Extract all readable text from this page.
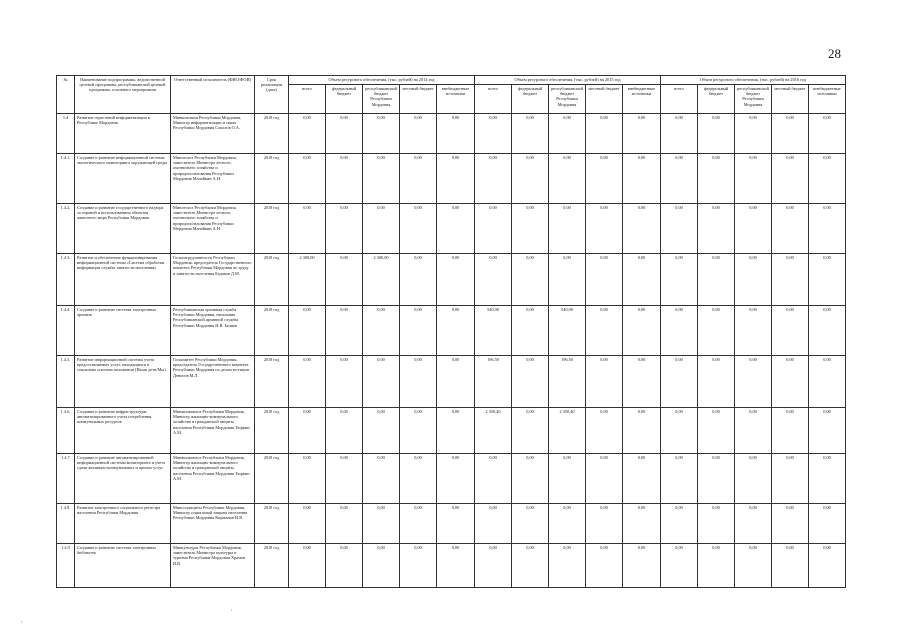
28
·
·
№	Наименование подпрограммы, ведомственной целевой программы, республиканской целевой программы, основного мероприятия	Ответственный исполнитель (ФИО/ФОИ)	Срок реализации (дата)	Объем ресурсного обеспечения, (тыс. рублей) на 2014 год					Объем ресурсного обеспечения, (тыс. рублей) на 2015 год					Объем ресурсного обеспечения, (тыс. рублей) на 2016 год				
				всего	федеральный бюджет	республиканский бюджет Республики Мордовия	местный бюджет	внебюджетные источники	всего	федеральный бюджет	республиканский бюджет Республики Мордовия	местный бюджет	внебюджетные источники	всего	федеральный бюджет	республиканский бюджет Республики Мордовия	местный бюджет	внебюджетные источники
1.4	Развитие отраслевой информатизации в Республике Мордовия	Минкомсвязи Республики Мордовия, Министр информатизации и связи Республики Мордовия Соколов О.А.	2018 год	0,00	0,00	0,00	0,00	0,00	0,00	0,00	0,00	0,00	0,00	0,00	0,00	0,00	0,00	0,00
1.4.1.	Создание и развитие информационной системы экологического мониторинга окружающей среды	Минлесхоз Республики Мордовия, заместитель Министра лесного, охотничьего хозяйства и природопользования Республики Мордовия Манейкин А.Н.	2018 год	0,00	0,00	0,00	0,00	0,00	0,00	0,00	0,00	0,00	0,00	0,00	0,00	0,00	0,00	0,00
1.4.2.	Создание и развитие государственного надзора за охраной и использованием объектов животного мира Республики Мордовия	Минлесхоз Республики Мордовия, заместитель Министра лесного, охотничьего хозяйства и природопользования Республики Мордовия Манейкин А.Н.	2018 год	0,00	0,00	0,00	0,00	0,00	0,00	0,00	0,00	0,00	0,00	0,00	0,00	0,00	0,00	0,00
1.4.3.	Развитие и обеспечение функционирования информационной системы «Система обработки информации службы занятости населения»	Госкомтрудзанятости Республики Мордовия, председатель Государственного комитета Республики Мордовия по труду и занятости населения Бодаков Д.М.	2018 год	2 300,00	0,00	2 300,00	0,00	0,00	0,00	0,00	0,00	0,00	0,00	0,00	0,00	0,00	0,00	0,00
1.4.4.	Создание и развитие системы электронных архивов	Республиканская архивная служба Республики Мордовия, начальник Республиканской архивной службы Республики Мордовия Н.В. Беляев	2018 год	0,00	0,00	0,00	0,00	0,00	540,00	0,00	540,00	0,00	0,00	0,00	0,00	0,00	0,00	0,00
1.4.5.	Развитие информационной системы учета предоставляемых услуг, находящихся в социально опасном положении (Наши дети/Мы)	Госкомитет Республики Мордовия, председатель Государственного комитета Республики Мордовия по делам юстиции Денисов М.Л.	2018 год	0,00	0,00	0,00	0,00	0,00	196,50	0,00	196,50	0,00	0,00	0,00	0,00	0,00	0,00	0,00
1.4.6.	Создание и развитие инфраструктуры автоматизированного учета потребления коммунальных ресурсов	Минжилкомхоз Республики Мордовия, Министр жилищно-коммунального хозяйства и гражданской защиты населения Республики Мордовия Тюркин А.М.	2018 год	0,00	0,00	0,00	0,00	0,00	2 350,40	0,00	2 350,40	0,00	0,00	0,00	0,00	0,00	0,00	0,00
1.4.7	Создание и развитие автоматизированной информационной системы мониторинга и учета сдачи жилищно-коммунальных и прочих услуг	Минжилкомхоз Республики Мордовия, Министр жилищно-коммунального хозяйства и гражданской защиты населения Республики Мордовия Тюркин А.М.	2018 год	0,00	0,00	0,00	0,00	0,00	0,00	0,00	0,00	0,00	0,00	0,00	0,00	0,00	0,00	0,00
1.4.8.	Развитие электронного социального регистра населения Республики Мордовия	Минсоцзащиты Республики Мордовия, Министр социальной защиты населения Республики Мордовия Киржанов И.В.	2018 год	0,00	0,00	0,00	0,00	0,00	0,00	0,00	0,00	0,00	0,00	0,00	0,00	0,00	0,00	0,00
1.4.9	Создание и развитие системы электронных библиотек	Минкультуры Республики Мордовия, заместитель Министра культуры и туризма Республики Мордовия Храмов И.В.	2018 год	0,00	0,00	0,00	0,00	0,00	0,00	0,00	0,00	0,00	0,00	0,00	0,00	0,00	0,00	0,00
